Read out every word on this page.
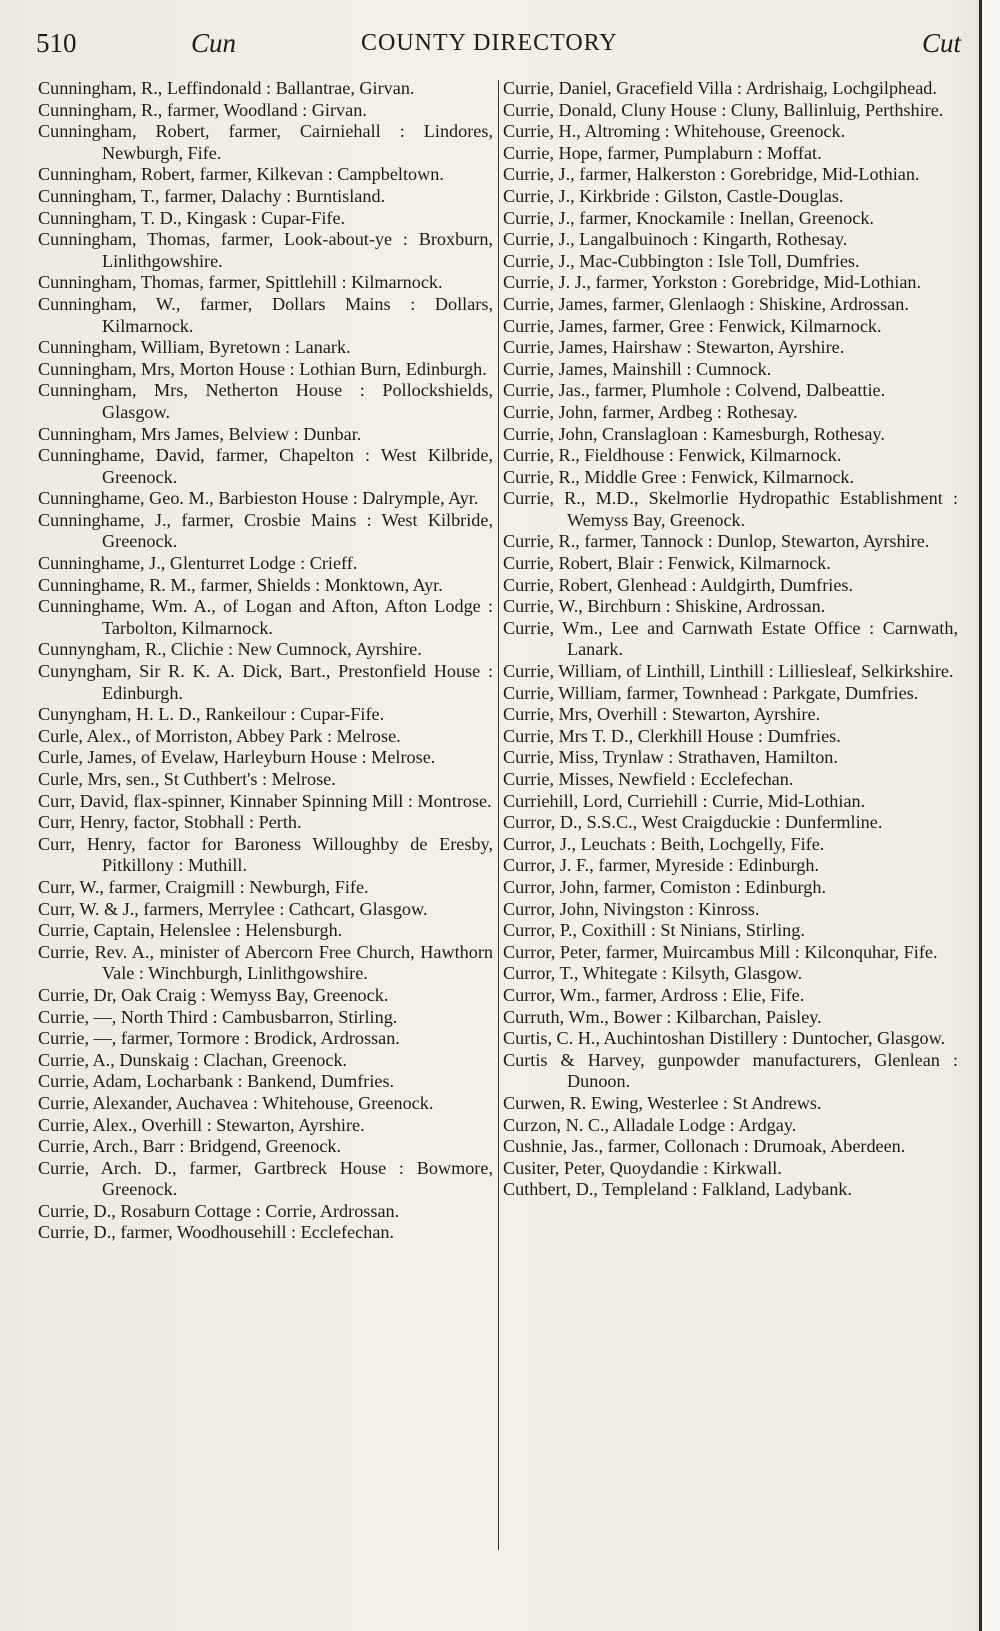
510	Cun	COUNTY DIRECTORY	Cut
Cunningham, R., Leffindonald : Ballantrae, Girvan.
Cunningham, R., farmer, Woodland : Girvan.
Cunningham, Robert, farmer, Cairniehall : Lindores, Newburgh, Fife.
Cunningham, Robert, farmer, Kilkevan : Campbeltown.
Cunningham, T., farmer, Dalachy : Burntisland.
Cunningham, T. D., Kingask : Cupar-Fife.
Cunningham, Thomas, farmer, Look-about-ye : Broxburn, Linlithgowshire.
Cunningham, Thomas, farmer, Spittlehill : Kilmarnock.
Cunningham, W., farmer, Dollars Mains : Dollars, Kilmarnock.
Cunningham, William, Byretown : Lanark.
Cunningham, Mrs, Morton House : Lothian Burn, Edinburgh.
Cunningham, Mrs, Netherton House : Pollockshields, Glasgow.
Cunningham, Mrs James, Belview : Dunbar.
Cunninghame, David, farmer, Chapelton : West Kilbride, Greenock.
Cunninghame, Geo. M., Barbieston House : Dalrymple, Ayr.
Cunninghame, J., farmer, Crosbie Mains : West Kilbride, Greenock.
Cunninghame, J., Glenturret Lodge : Crieff.
Cunninghame, R. M., farmer, Shields : Monktown, Ayr.
Cunninghame, Wm. A., of Logan and Afton, Afton Lodge : Tarbolton, Kilmarnock.
Cunnyngham, R., Clichie : New Cumnock, Ayrshire.
Cunyngham, Sir R. K. A. Dick, Bart., Prestonfield House : Edinburgh.
Cunyngham, H. L. D., Rankeilour : Cupar-Fife.
Curle, Alex., of Morriston, Abbey Park : Melrose.
Curle, James, of Evelaw, Harleyburn House : Melrose.
Curle, Mrs, sen., St Cuthbert's : Melrose.
Curr, David, flax-spinner, Kinnaber Spinning Mill : Montrose.
Curr, Henry, factor, Stobhall : Perth.
Curr, Henry, factor for Baroness Willoughby de Eresby, Pitkillony : Muthill.
Curr, W., farmer, Craigmill : Newburgh, Fife.
Curr, W. & J., farmers, Merrylee : Cathcart, Glasgow.
Currie, Captain, Helenslee : Helensburgh.
Currie, Rev. A., minister of Abercorn Free Church, Hawthorn Vale : Winchburgh, Linlithgowshire.
Currie, Dr, Oak Craig : Wemyss Bay, Greenock.
Currie, —, North Third : Cambusbarron, Stirling.
Currie, —, farmer, Tormore : Brodick, Ardrossan.
Currie, A., Dunskaig : Clachan, Greenock.
Currie, Adam, Locharbank : Bankend, Dumfries.
Currie, Alexander, Auchavea : Whitehouse, Greenock.
Currie, Alex., Overhill : Stewarton, Ayrshire.
Currie, Arch., Barr : Bridgend, Greenock.
Currie, Arch. D., farmer, Gartbreck House : Bowmore, Greenock.
Currie, D., Rosaburn Cottage : Corrie, Ardrossan.
Currie, D., farmer, Woodhousehill : Ecclefechan.
Currie, Daniel, Gracefield Villa : Ardrishaig, Lochgilphead.
Currie, Donald, Cluny House : Cluny, Ballinluig, Perthshire.
Currie, H., Altroming : Whitehouse, Greenock.
Currie, Hope, farmer, Pumplaburn : Moffat.
Currie, J., farmer, Halkerston : Gorebridge, Mid-Lothian.
Currie, J., Kirkbride : Gilston, Castle-Douglas.
Currie, J., farmer, Knockamile : Inellan, Greenock.
Currie, J., Langalbuinoch : Kingarth, Rothesay.
Currie, J., Mac-Cubbington : Isle Toll, Dumfries.
Currie, J. J., farmer, Yorkston : Gorebridge, Mid-Lothian.
Currie, James, farmer, Glenlaogh : Shiskine, Ardrossan.
Currie, James, farmer, Gree : Fenwick, Kilmarnock.
Currie, James, Hairshaw : Stewarton, Ayrshire.
Currie, James, Mainshill : Cumnock.
Currie, Jas., farmer, Plumhole : Colvend, Dalbeattie.
Currie, John, farmer, Ardbeg : Rothesay.
Currie, John, Cranslagloan : Kamesburgh, Rothesay.
Currie, R., Fieldhouse : Fenwick, Kilmarnock.
Currie, R., Middle Gree : Fenwick, Kilmarnock.
Currie, R., M.D., Skelmorlie Hydropathic Establishment : Wemyss Bay, Greenock.
Currie, R., farmer, Tannock : Dunlop, Stewarton, Ayrshire.
Currie, Robert, Blair : Fenwick, Kilmarnock.
Currie, Robert, Glenhead : Auldgirth, Dumfries.
Currie, W., Birchburn : Shiskine, Ardrossan.
Currie, Wm., Lee and Carnwath Estate Office : Carnwath, Lanark.
Currie, William, of Linthill, Linthill : Lilliesleaf, Selkirkshire.
Currie, William, farmer, Townhead : Parkgate, Dumfries.
Currie, Mrs, Overhill : Stewarton, Ayrshire.
Currie, Mrs T. D., Clerkhill House : Dumfries.
Currie, Miss, Trynlaw : Strathaven, Hamilton.
Currie, Misses, Newfield : Ecclefechan.
Curriehill, Lord, Curriehill : Currie, Mid-Lothian.
Curror, D., S.S.C., West Craigduckie : Dunfermline.
Curror, J., Leuchats : Beith, Lochgelly, Fife.
Curror, J. F., farmer, Myreside : Edinburgh.
Curror, John, farmer, Comiston : Edinburgh.
Curror, John, Nivingston : Kinross.
Curror, P., Coxithill : St Ninians, Stirling.
Curror, Peter, farmer, Muircambus Mill : Kilconquhar, Fife.
Curror, T., Whitegate : Kilsyth, Glasgow.
Curror, Wm., farmer, Ardross : Elie, Fife.
Curruth, Wm., Bower : Kilbarchan, Paisley.
Curtis, C. H., Auchintoshan Distillery : Duntocher, Glasgow.
Curtis & Harvey, gunpowder manufacturers, Glenlean : Dunoon.
Curwen, R. Ewing, Westerlee : St Andrews.
Curzon, N. C., Alladale Lodge : Ardgay.
Cushnie, Jas., farmer, Collonach : Drumoak, Aberdeen.
Cusiter, Peter, Quoydandie : Kirkwall.
Cuthbert, D., Templeland : Falkland, Ladybank.
